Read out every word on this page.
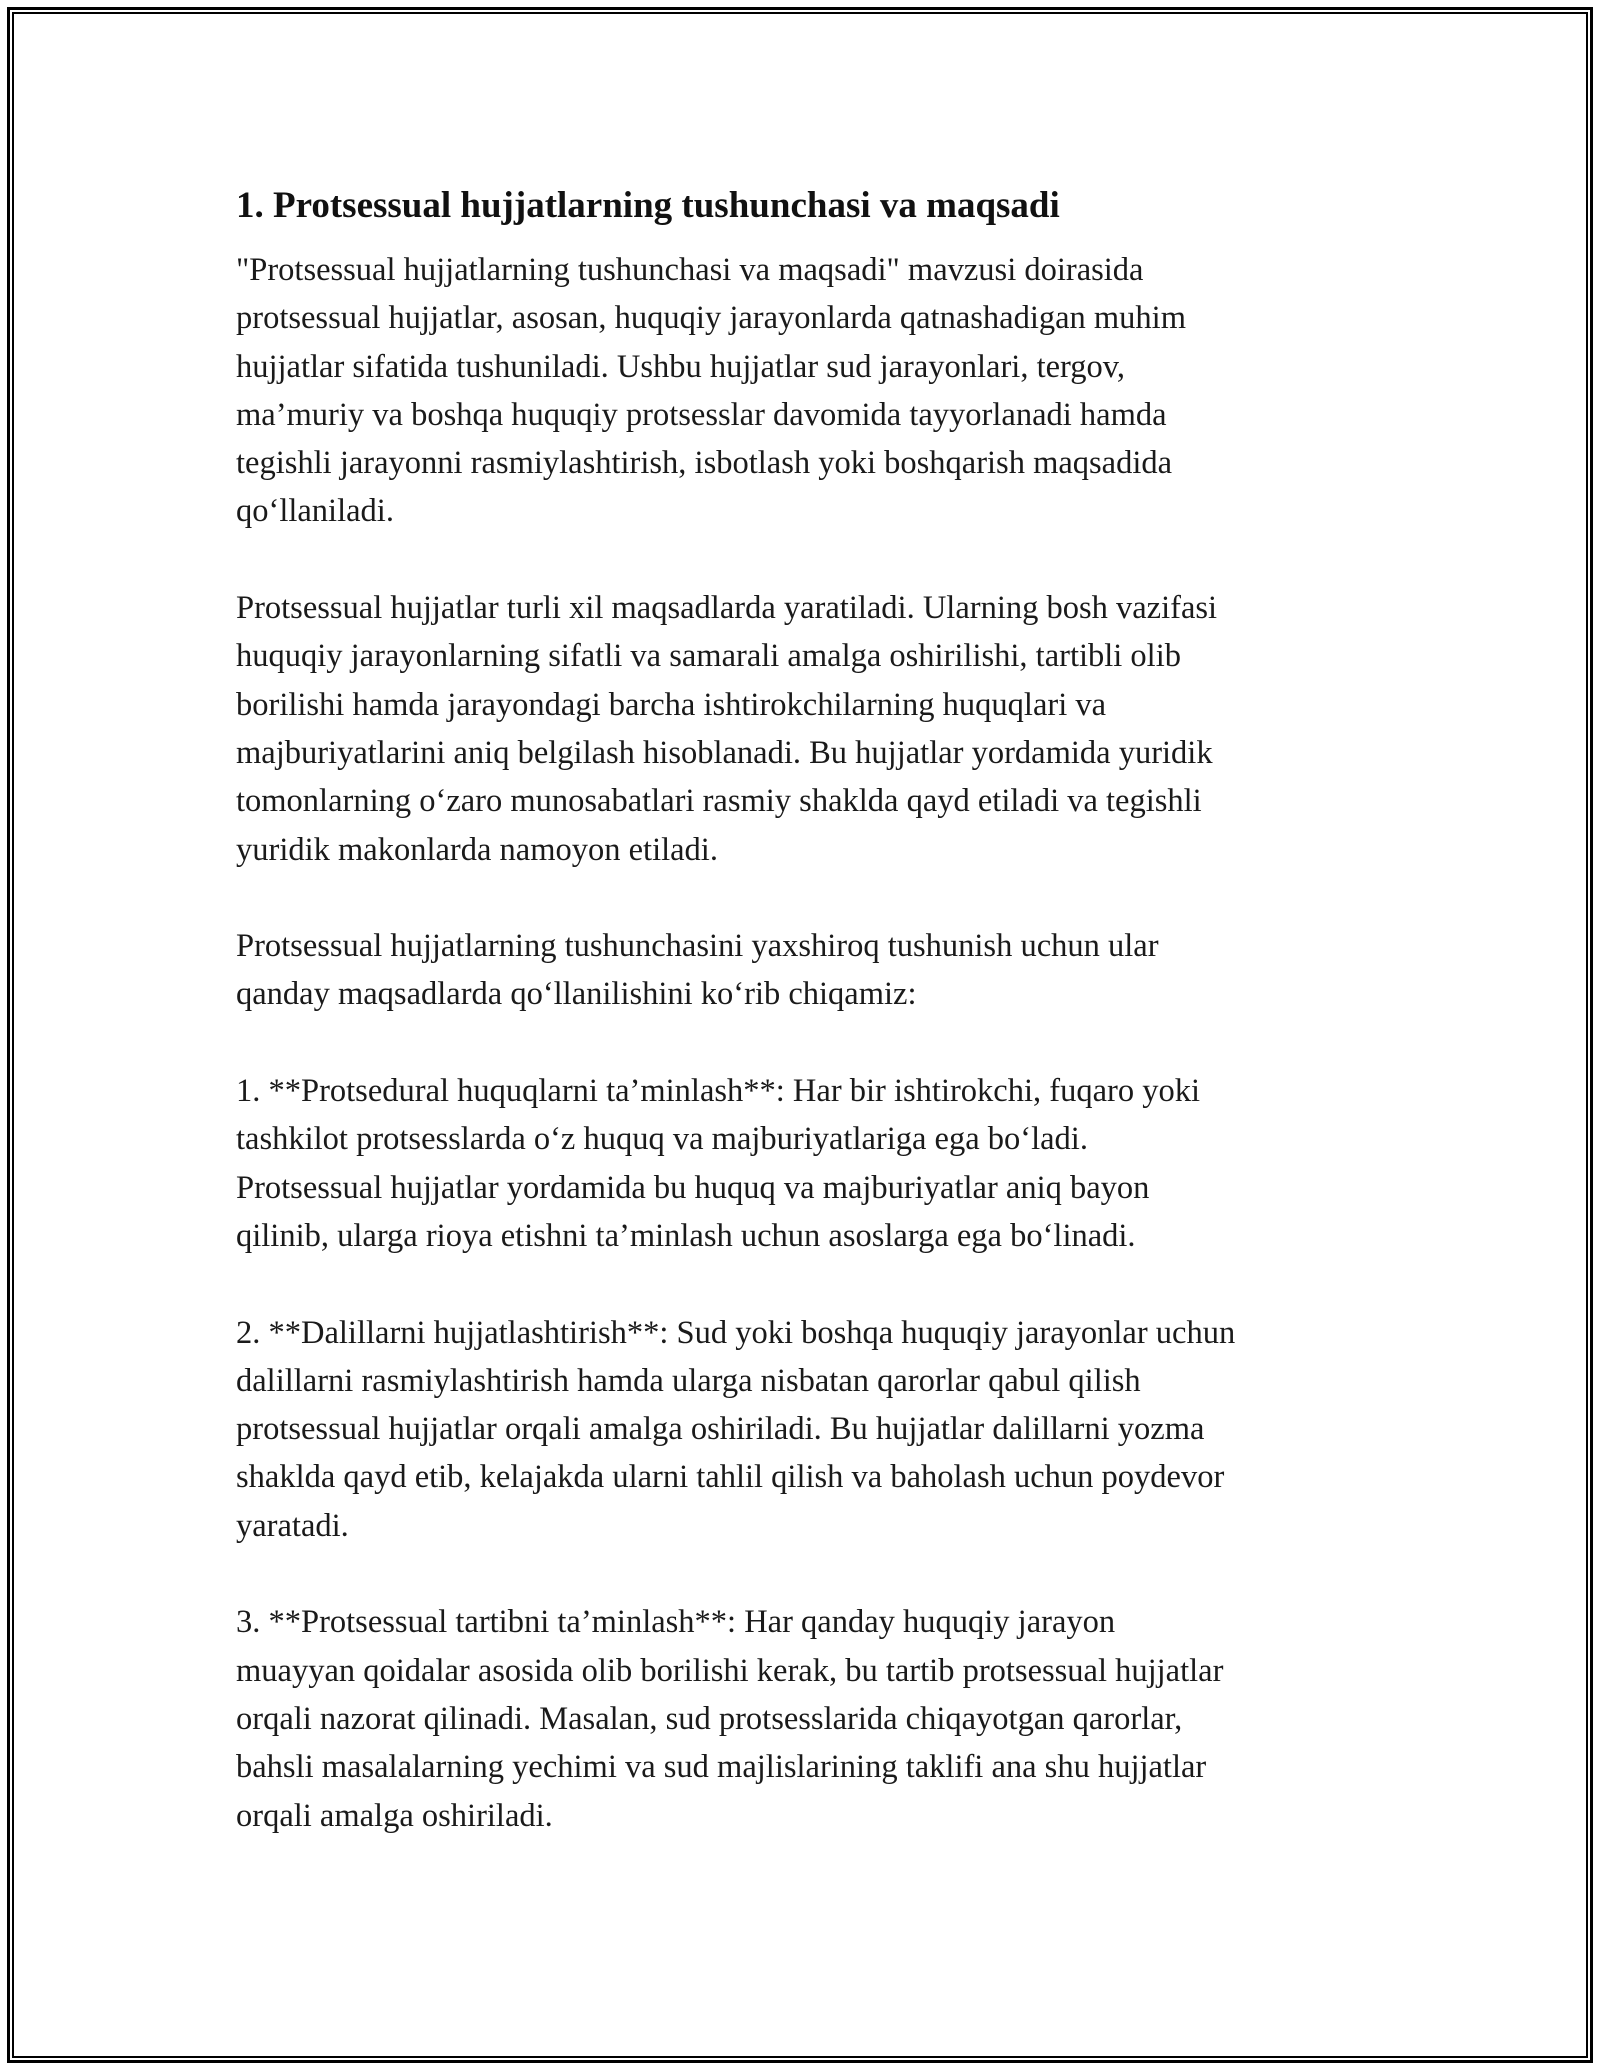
1. Protsessual hujjatlarning tushunchasi va maqsadi
"Protsessual hujjatlarning tushunchasi va maqsadi" mavzusi doirasida
protsessual hujjatlar, asosan, huquqiy jarayonlarda qatnashadigan muhim
hujjatlar sifatida tushuniladi. Ushbu hujjatlar sud jarayonlari, tergov,
ma’muriy va boshqa huquqiy protsesslar davomida tayyorlanadi hamda
tegishli jarayonni rasmiylashtirish, isbotlash yoki boshqarish maqsadida
qo‘llaniladi.
Protsessual hujjatlar turli xil maqsadlarda yaratiladi. Ularning bosh vazifasi
huquqiy jarayonlarning sifatli va samarali amalga oshirilishi, tartibli olib
borilishi hamda jarayondagi barcha ishtirokchilarning huquqlari va
majburiyatlarini aniq belgilash hisoblanadi. Bu hujjatlar yordamida yuridik
tomonlarning o‘zaro munosabatlari rasmiy shaklda qayd etiladi va tegishli
yuridik makonlarda namoyon etiladi.
Protsessual hujjatlarning tushunchasini yaxshiroq tushunish uchun ular
qanday maqsadlarda qo‘llanilishini ko‘rib chiqamiz:
1. **Protsedural huquqlarni ta’minlash**: Har bir ishtirokchi, fuqaro yoki
tashkilot protsesslarda o‘z huquq va majburiyatlariga ega bo‘ladi.
Protsessual hujjatlar yordamida bu huquq va majburiyatlar aniq bayon
qilinib, ularga rioya etishni ta’minlash uchun asoslarga ega bo‘linadi.
2. **Dalillarni hujjatlashtirish**: Sud yoki boshqa huquqiy jarayonlar uchun
dalillarni rasmiylashtirish hamda ularga nisbatan qarorlar qabul qilish
protsessual hujjatlar orqali amalga oshiriladi. Bu hujjatlar dalillarni yozma
shaklda qayd etib, kelajakda ularni tahlil qilish va baholash uchun poydevor
yaratadi.
3. **Protsessual tartibni ta’minlash**: Har qanday huquqiy jarayon
muayyan qoidalar asosida olib borilishi kerak, bu tartib protsessual hujjatlar
orqali nazorat qilinadi. Masalan, sud protsesslarida chiqayotgan qarorlar,
bahsli masalalarning yechimi va sud majlislarining taklifi ana shu hujjatlar
orqali amalga oshiriladi.
